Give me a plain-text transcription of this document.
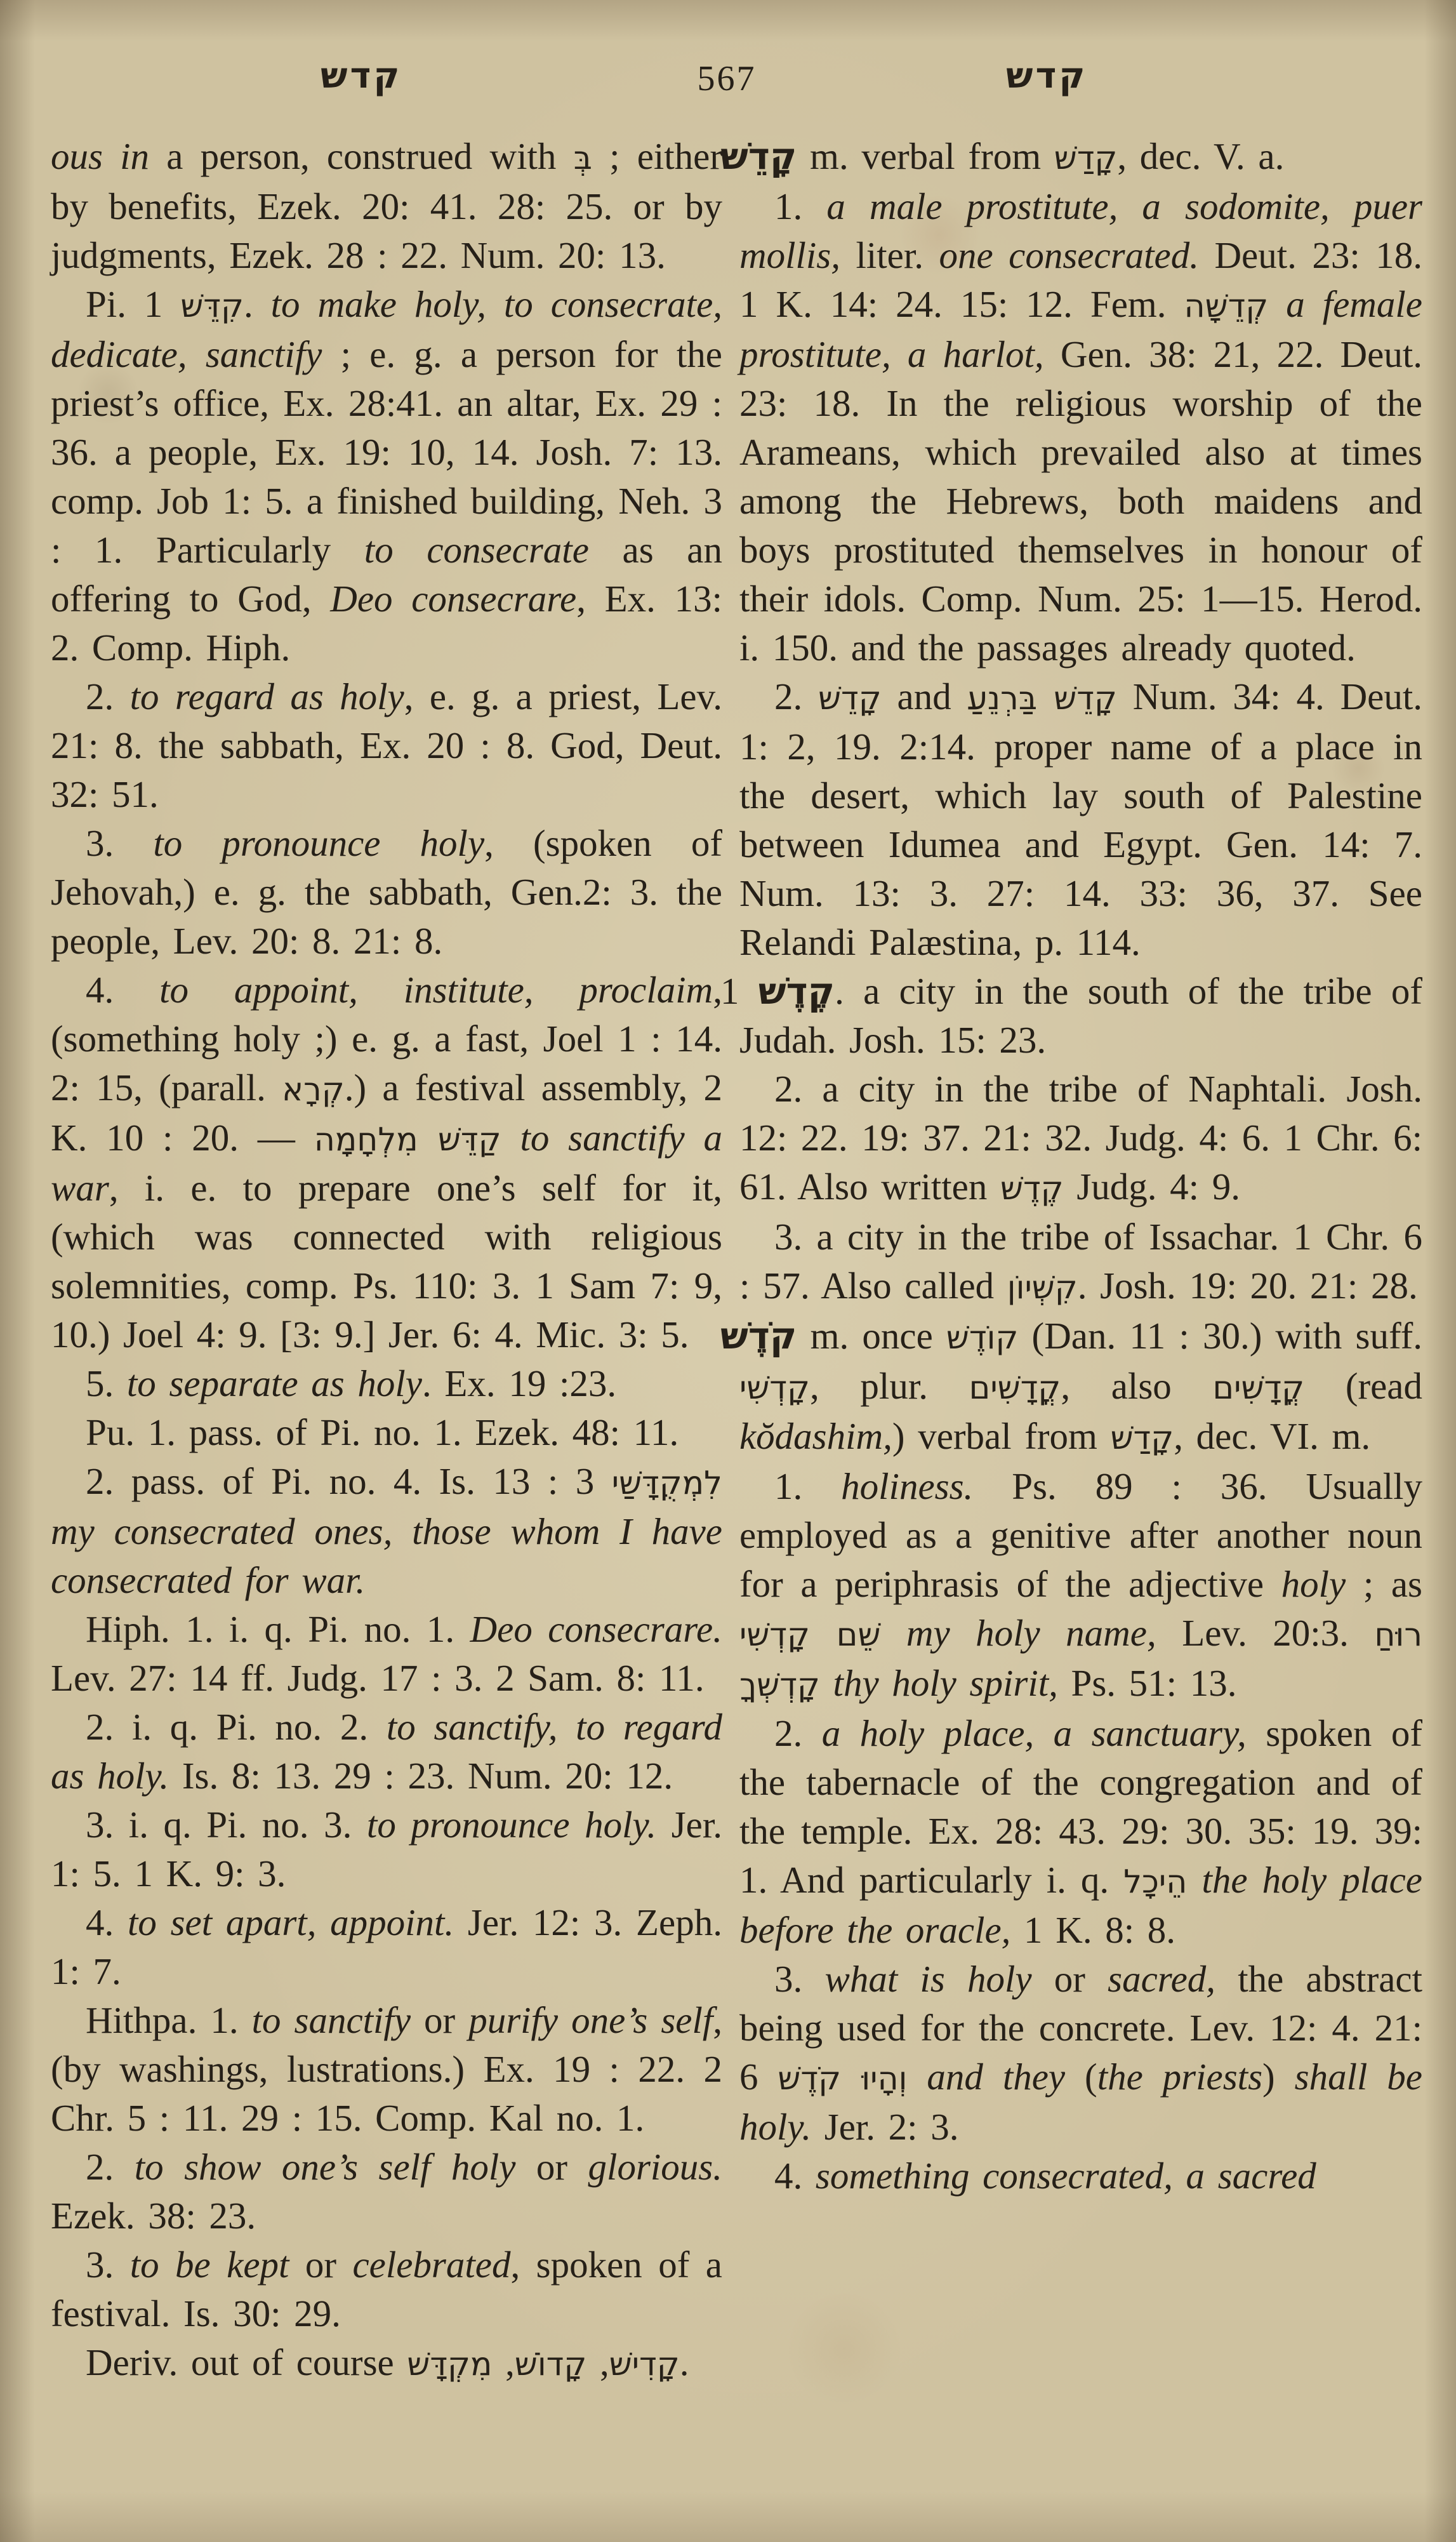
קדש	567	קדש

ous in a person, construed with בְּ ; either by benefits, Ezek. 20: 41. 28: 25. or by judgments, Ezek. 28 : 22. Num. 20: 13.

Pi. קִדֵּשׁ 1. to make holy, to consecrate, dedicate, sanctify ; e. g. a person for the priest’s office, Ex. 28:41. an altar, Ex. 29 : 36. a people, Ex. 19: 10, 14. Josh. 7: 13. comp. Job 1: 5. a finished building, Neh. 3 : 1. Particularly to consecrate as an offering to God, Deo consecrare, Ex. 13: 2. Comp. Hiph.

2. to regard as holy, e. g. a priest, Lev. 21: 8. the sabbath, Ex. 20 : 8. God, Deut. 32: 51.

3. to pronounce holy, (spoken of Jehovah,) e. g. the sabbath, Gen.2: 3. the people, Lev. 20: 8. 21: 8.

4. to appoint, institute, proclaim, (something holy ;) e. g. a fast, Joel 1 : 14. 2: 15, (parall. קְרָא.) a festival assembly, 2 K. 10 : 20. — קַדֵּשׁ מִלְחָמָה to sanctify a war, i. e. to prepare one’s self for it, (which was connected with religious solemnities, comp. Ps. 110: 3. 1 Sam 7: 9, 10.) Joel 4: 9. [3: 9.] Jer. 6: 4. Mic. 3: 5.

5. to separate as holy. Ex. 19 :23.

Pu. 1. pass. of Pi. no. 1. Ezek. 48: 11.

2. pass. of Pi. no. 4. Is. 13 : 3 לִמְקֻדָּשַׁי my consecrated ones, those whom I have consecrated for war.

Hiph. 1. i. q. Pi. no. 1. Deo consecrare. Lev. 27: 14 ff. Judg. 17 : 3. 2 Sam. 8: 11.

2. i. q. Pi. no. 2. to sanctify, to regard as holy. Is. 8: 13. 29 : 23. Num. 20: 12.

3. i. q. Pi. no. 3. to pronounce holy. Jer. 1: 5. 1 K. 9: 3.

4. to set apart, appoint. Jer. 12: 3. Zeph. 1: 7.

Hithpa. 1. to sanctify or purify one’s self, (by washings, lustrations.) Ex. 19 : 22. 2 Chr. 5 : 11. 29 : 15. Comp. Kal no. 1.

2. to show one’s self holy or glorious. Ezek. 38: 23.

3. to be kept or celebrated, spoken of a festival. Is. 30: 29.

Deriv. out of course	קָדִישׁ, קָדוֹשׁ, מִקְדָּשׁ	.

קָדֵשׁ m. verbal from קָדַשׁ, dec. V. a.

1. a male prostitute, a sodomite, puer mollis, liter. one consecrated. Deut. 23: 18. 1 K. 14: 24. 15: 12. Fem. קְדֵשָׁה a female prostitute, a harlot, Gen. 38: 21, 22. Deut. 23: 18. In the religious worship of the Arameans, which prevailed also at times among the Hebrews, both maidens and boys prostituted themselves in honour of their idols. Comp. Num. 25: 1—15. Herod. i. 150. and the passages already quoted.

2. קָדֵשׁ and קָדֵשׁ בַּרְנֵעַ Num. 34: 4. Deut. 1: 2, 19. 2:14. proper name of a place in the desert, which lay south of Palestine between Idumea and Egypt. Gen. 14: 7. Num. 13: 3. 27: 14. 33: 36, 37. See Relandi Palæstina, p. 114.

קֶדֶשׁ 1. a city in the south of the tribe of Judah. Josh. 15: 23.

2. a city in the tribe of Naphtali. Josh. 12: 22. 19: 37. 21: 32. Judg. 4: 6. 1 Chr. 6: 61. Also written קֶדֶשׁ Judg. 4: 9.

3. a city in the tribe of Issachar. 1 Chr. 6 : 57. Also called קִשְׁיוֹן. Josh. 19: 20. 21: 28.

קֹדֶשׁ m. once קוֹדֶשׁ (Dan. 11 : 30.) with suff. קָדְשִׁי, plur. קֳדָשִׁים, also קֳדָשִׁים (read kŏdashim,) verbal from קָדַשׁ, dec. VI. m.

1. holiness. Ps. 89 : 36. Usually employed as a genitive after another noun for a periphrasis of the adjective holy ; as שֵׁם קָדְשִׁי my holy name, Lev. 20:3. רוּחַ קָדְשְׁךָ thy holy spirit, Ps. 51: 13.

2. a holy place, a sanctuary, spoken of the tabernacle of the congregation and of the temple. Ex. 28: 43. 29: 30. 35: 19. 39: 1. And particularly i. q. הֵיכָל the holy place before the oracle, 1 K. 8: 8.

3. what is holy or sacred, the abstract being used for the concrete. Lev. 12: 4. 21: 6 וְהָיוּ קֹדֶשׁ and they (the priests) shall be holy. Jer. 2: 3.

4. something consecrated, a sacred
